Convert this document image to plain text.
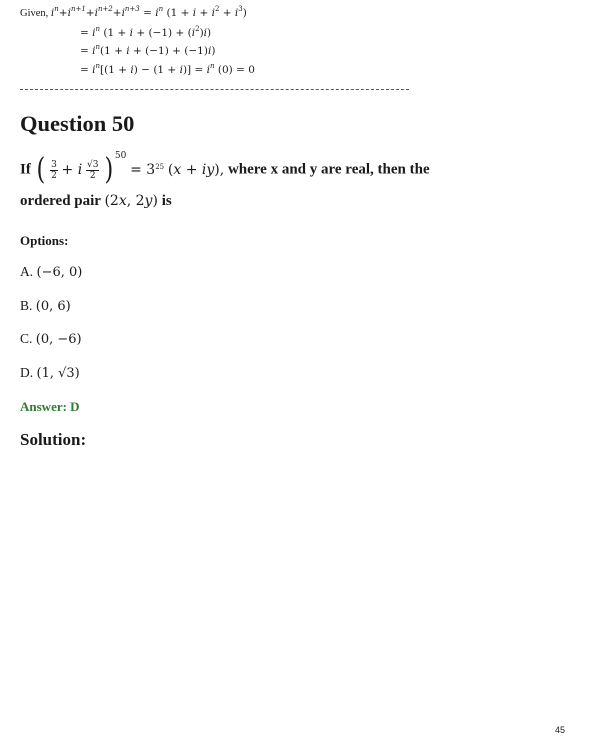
Given, $i^n+i^{n+1}+i^{n+2}+i^{n+3} = i^n$ $(1 + i + i^2 + i^3)$
= $i^n$ $(1 + i + (-1) + (i^2)i)$
= $i^n(1 + i + (-1) + (-1)i)$
= $i^n[(1 + i) - (1 + i)] = i^n$ (0) = 0
Question 50
If ( $\frac{3}{2} + i \frac{√3}{2} )^{50} = 3^{25}$ (x + iy), where x and y are real, then the
ordered pair (2x, 2y) is
Options:
A. (−6, 0)
B. (0, 6)
C. (0, −6)
D. (1, √3)
Answer: D
Solution:
45
